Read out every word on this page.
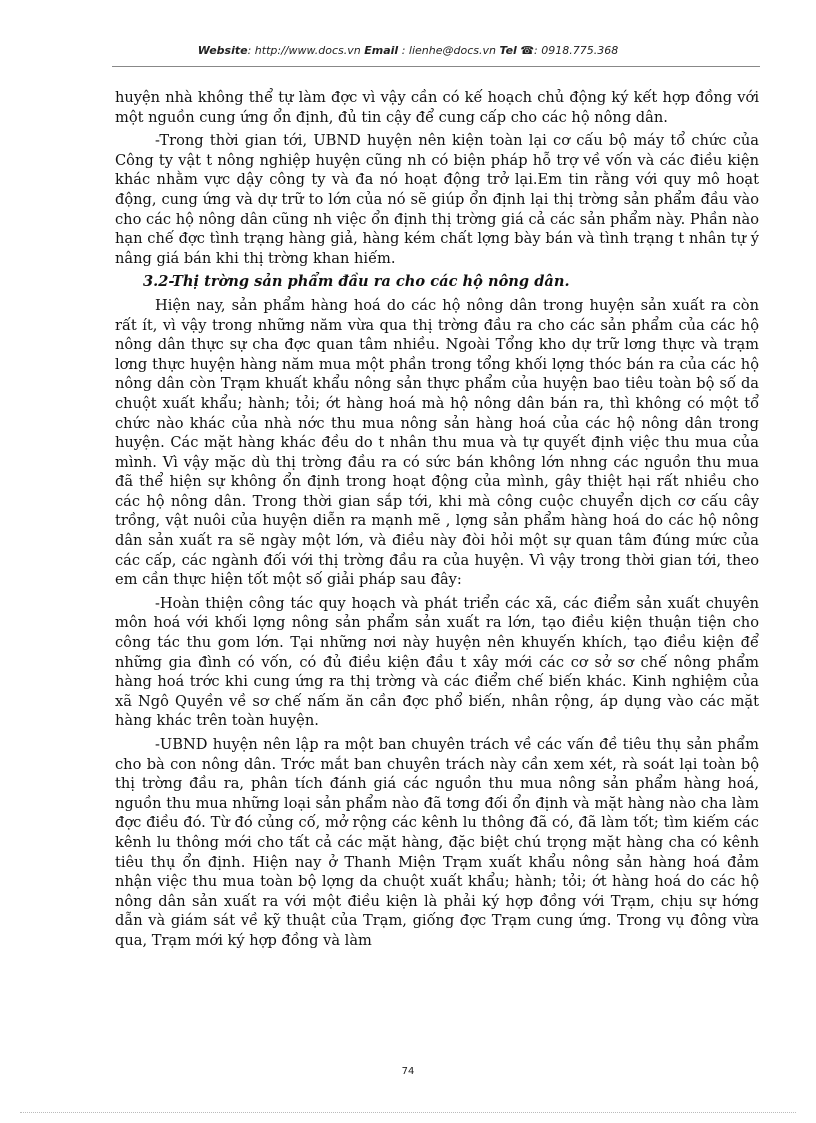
Website: http://www.docs.vn Email : lienhe@docs.vn Tel ☎: 0918.775.368

huyện nhà không thể tự làm đợc vì vậy cần có kế hoạch chủ động ký kết hợp đồng với một nguồn cung ứng ổn định, đủ tin cậy để cung cấp cho các hộ nông dân.

-Trong thời gian tới, UBND huyện nên kiện toàn lại cơ cấu bộ máy tổ chức của Công ty vật t nông nghiệp huyện cũng nh có biện pháp hỗ trợ về vốn và các điều kiện khác nhằm vực dậy công ty và đa nó hoạt động trở lại.Em tin rằng với quy mô hoạt động, cung ứng và dự trữ to lớn của nó sẽ giúp ổn định lại thị trờng sản phẩm đầu vào cho các hộ nông dân cũng nh việc ổn định thị trờng giá cả các sản phẩm này. Phần nào hạn chế đợc tình trạng hàng giả, hàng kém chất lợng bày bán và tình trạng t nhân tự ý nâng giá bán khi thị trờng khan hiếm.

3.2-Thị trờng sản phẩm đầu ra cho các hộ nông dân.

Hiện nay, sản phẩm hàng hoá do các hộ nông dân trong huyện sản xuất ra còn rất ít, vì vậy trong những năm vừa qua thị trờng đầu ra cho các sản phẩm của các hộ nông dân thực sự cha đợc quan tâm nhiều. Ngoài Tổng kho dự trữ lơng thực và trạm lơng thực huyện hàng năm mua một phần trong tổng khối lợng thóc bán ra của các hộ nông dân còn Trạm khuất khẩu nông sản thực phẩm của huyện bao tiêu toàn bộ số da chuột xuất khẩu; hành; tỏi; ớt hàng hoá mà hộ nông dân bán ra, thì không có một tổ chức nào khác của nhà nớc thu mua nông sản hàng hoá của các hộ nông dân trong huyện. Các mặt hàng khác đều do t nhân thu mua và tự quyết định việc thu mua của mình. Vì vậy mặc dù thị trờng đầu ra có sức bán không lớn nhng các nguồn thu mua đã thể hiện sự không ổn định trong hoạt động của mình, gây thiệt hại rất nhiều cho các hộ nông dân. Trong thời gian sắp tới, khi mà công cuộc chuyển dịch cơ cấu cây trồng, vật nuôi của huyện diễn ra mạnh mẽ , lợng sản phẩm hàng hoá do các hộ nông dân sản xuất ra sẽ ngày một lớn, và điều này đòi hỏi một sự quan tâm đúng mức của các cấp, các ngành đối với thị trờng đầu ra của huyện. Vì vậy trong thời gian tới, theo em cần thực hiện tốt một số giải pháp sau đây:

-Hoàn thiện công tác quy hoạch và phát triển các xã, các điểm sản xuất chuyên môn hoá với khối lợng nông sản phẩm sản xuất ra lớn, tạo điều kiện thuận tiện cho công tác thu gom lớn. Tại những nơi này huyện nên khuyến khích, tạo điều kiện để những gia đình có vốn, có đủ điều kiện đầu t xây mới các cơ sở sơ chế nông phẩm hàng hoá trớc khi cung ứng ra thị trờng và các điểm chế biến khác. Kinh nghiệm của xã Ngô Quyền về sơ chế nấm ăn cần đợc phổ biến, nhân rộng, áp dụng vào các mặt hàng khác trên toàn huyện.

-UBND huyện nên lập ra một ban chuyên trách về các vấn đề tiêu thụ sản phẩm cho bà con nông dân. Trớc mắt ban chuyên trách này cần xem xét, rà soát lại toàn bộ thị trờng đầu ra, phân tích đánh giá các nguồn thu mua nông sản phẩm hàng hoá, nguồn thu mua những loại sản phẩm nào đã tơng đối ổn định và mặt hàng nào cha làm đợc điều đó. Từ đó củng cố, mở rộng các kênh lu thông đã có, đã làm tốt; tìm kiếm các kênh lu thông mới cho tất cả các mặt hàng, đặc biệt chú trọng mặt hàng cha có kênh tiêu thụ ổn định. Hiện nay ở Thanh Miện Trạm xuất khẩu nông sản hàng hoá đảm nhận việc thu mua toàn bộ lợng da chuột xuất khẩu; hành; tỏi; ớt hàng hoá do các hộ nông dân sản xuất ra với một điều kiện là phải ký hợp đồng với Trạm, chịu sự hớng dẫn và giám sát về kỹ thuật của Trạm, giống đợc Trạm cung ứng. Trong vụ đông vừa qua, Trạm mới ký hợp đồng và làm

74
